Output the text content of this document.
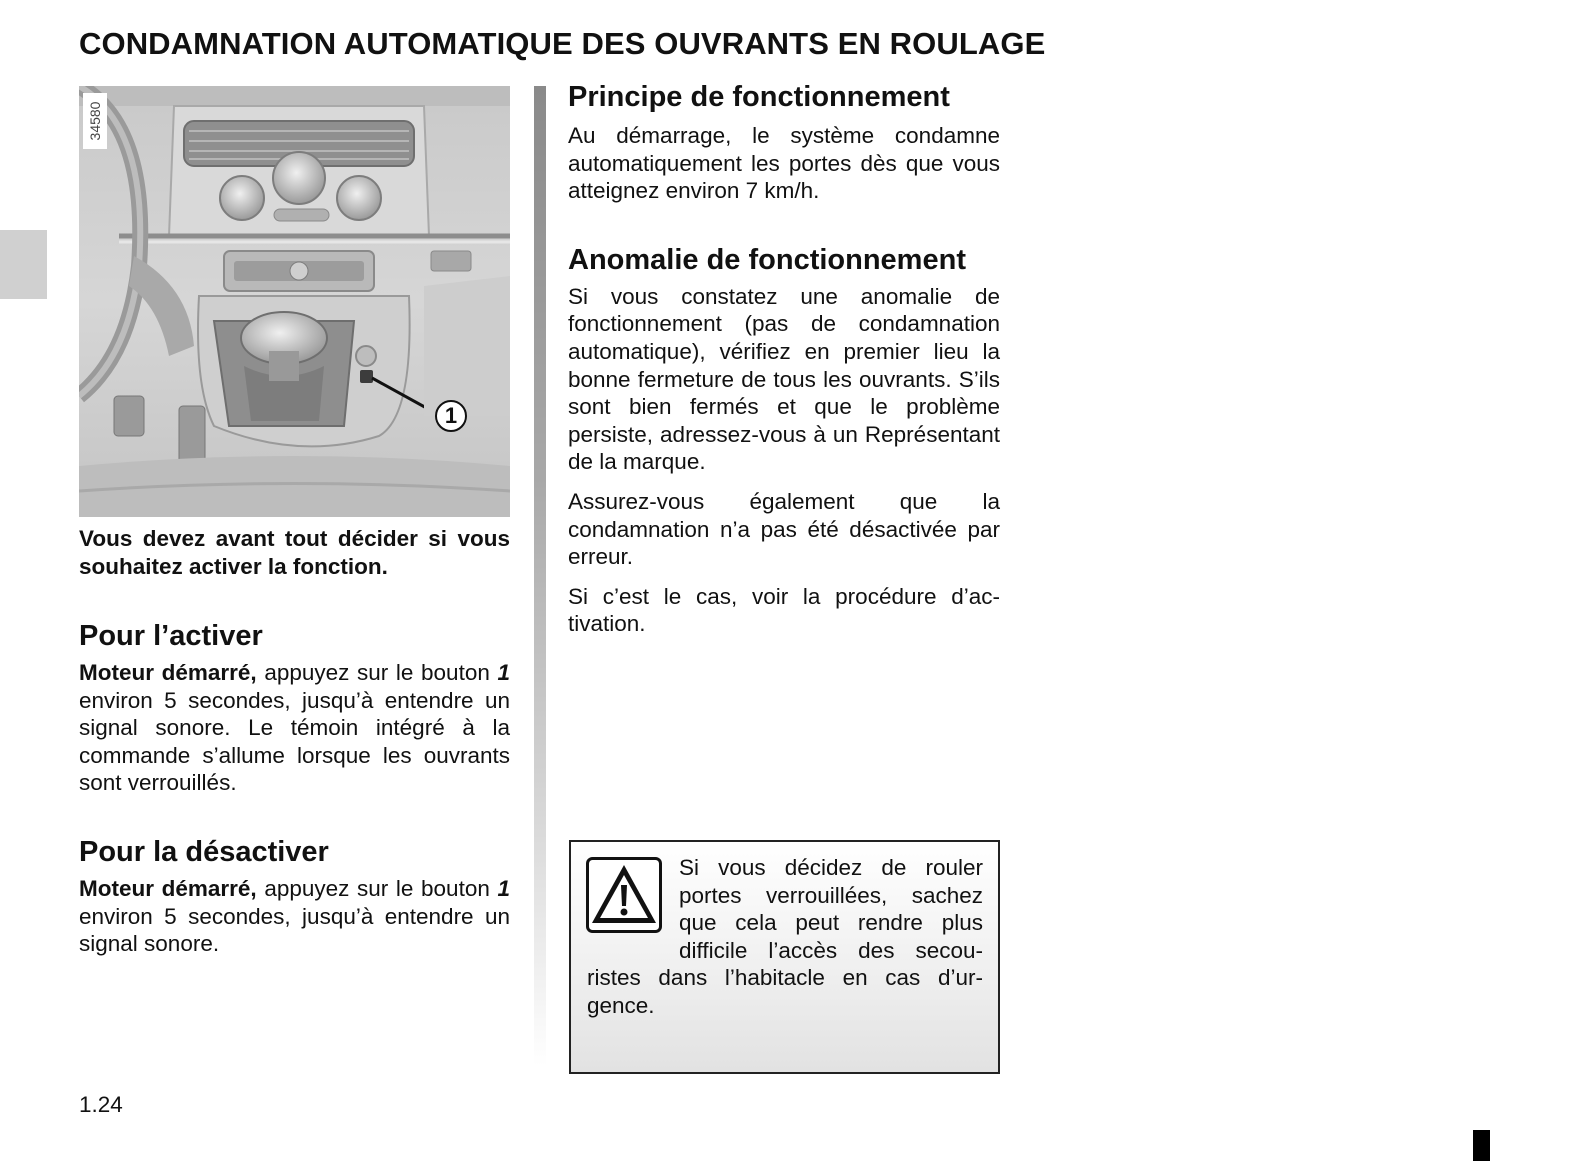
CONDAMNATION AUTOMATIQUE DES OUVRANTS EN ROULAGE
1
34580

Vous devez avant tout décider si vous souhaitez activer la fonction.

Pour l’activer

Moteur démarré, appuyez sur le bouton 1 environ 5 secondes, jusqu’à entendre un signal sonore. Le témoin intégré à la commande s’allume lorsque les ouvrants sont verrouillés.

Pour la désactiver

Moteur démarré, appuyez sur le bouton 1 environ 5 secondes, jusqu’à entendre un signal sonore.

Principe de fonctionnement

Au démarrage, le système condamne automatiquement les portes dès que vous atteignez environ 7 km/h.

Anomalie de fonctionnement

Si vous constatez une anomalie de fonctionnement (pas de condamnation automatique), vérifiez en premier lieu la bonne fermeture de tous les ouvrants. S’ils sont bien fermés et que le problème persiste, adressez-vous à un Représentant de la marque.

Assurez-vous également que la condamnation n’a pas été désactivée par erreur.

Si c’est le cas, voir la procédure d’activation.

Si vous décidez de rouler portes verrouillées, sachez que cela peut rendre plus difficile l’accès des secouristes dans l’habitacle en cas d’urgence.

1.24
